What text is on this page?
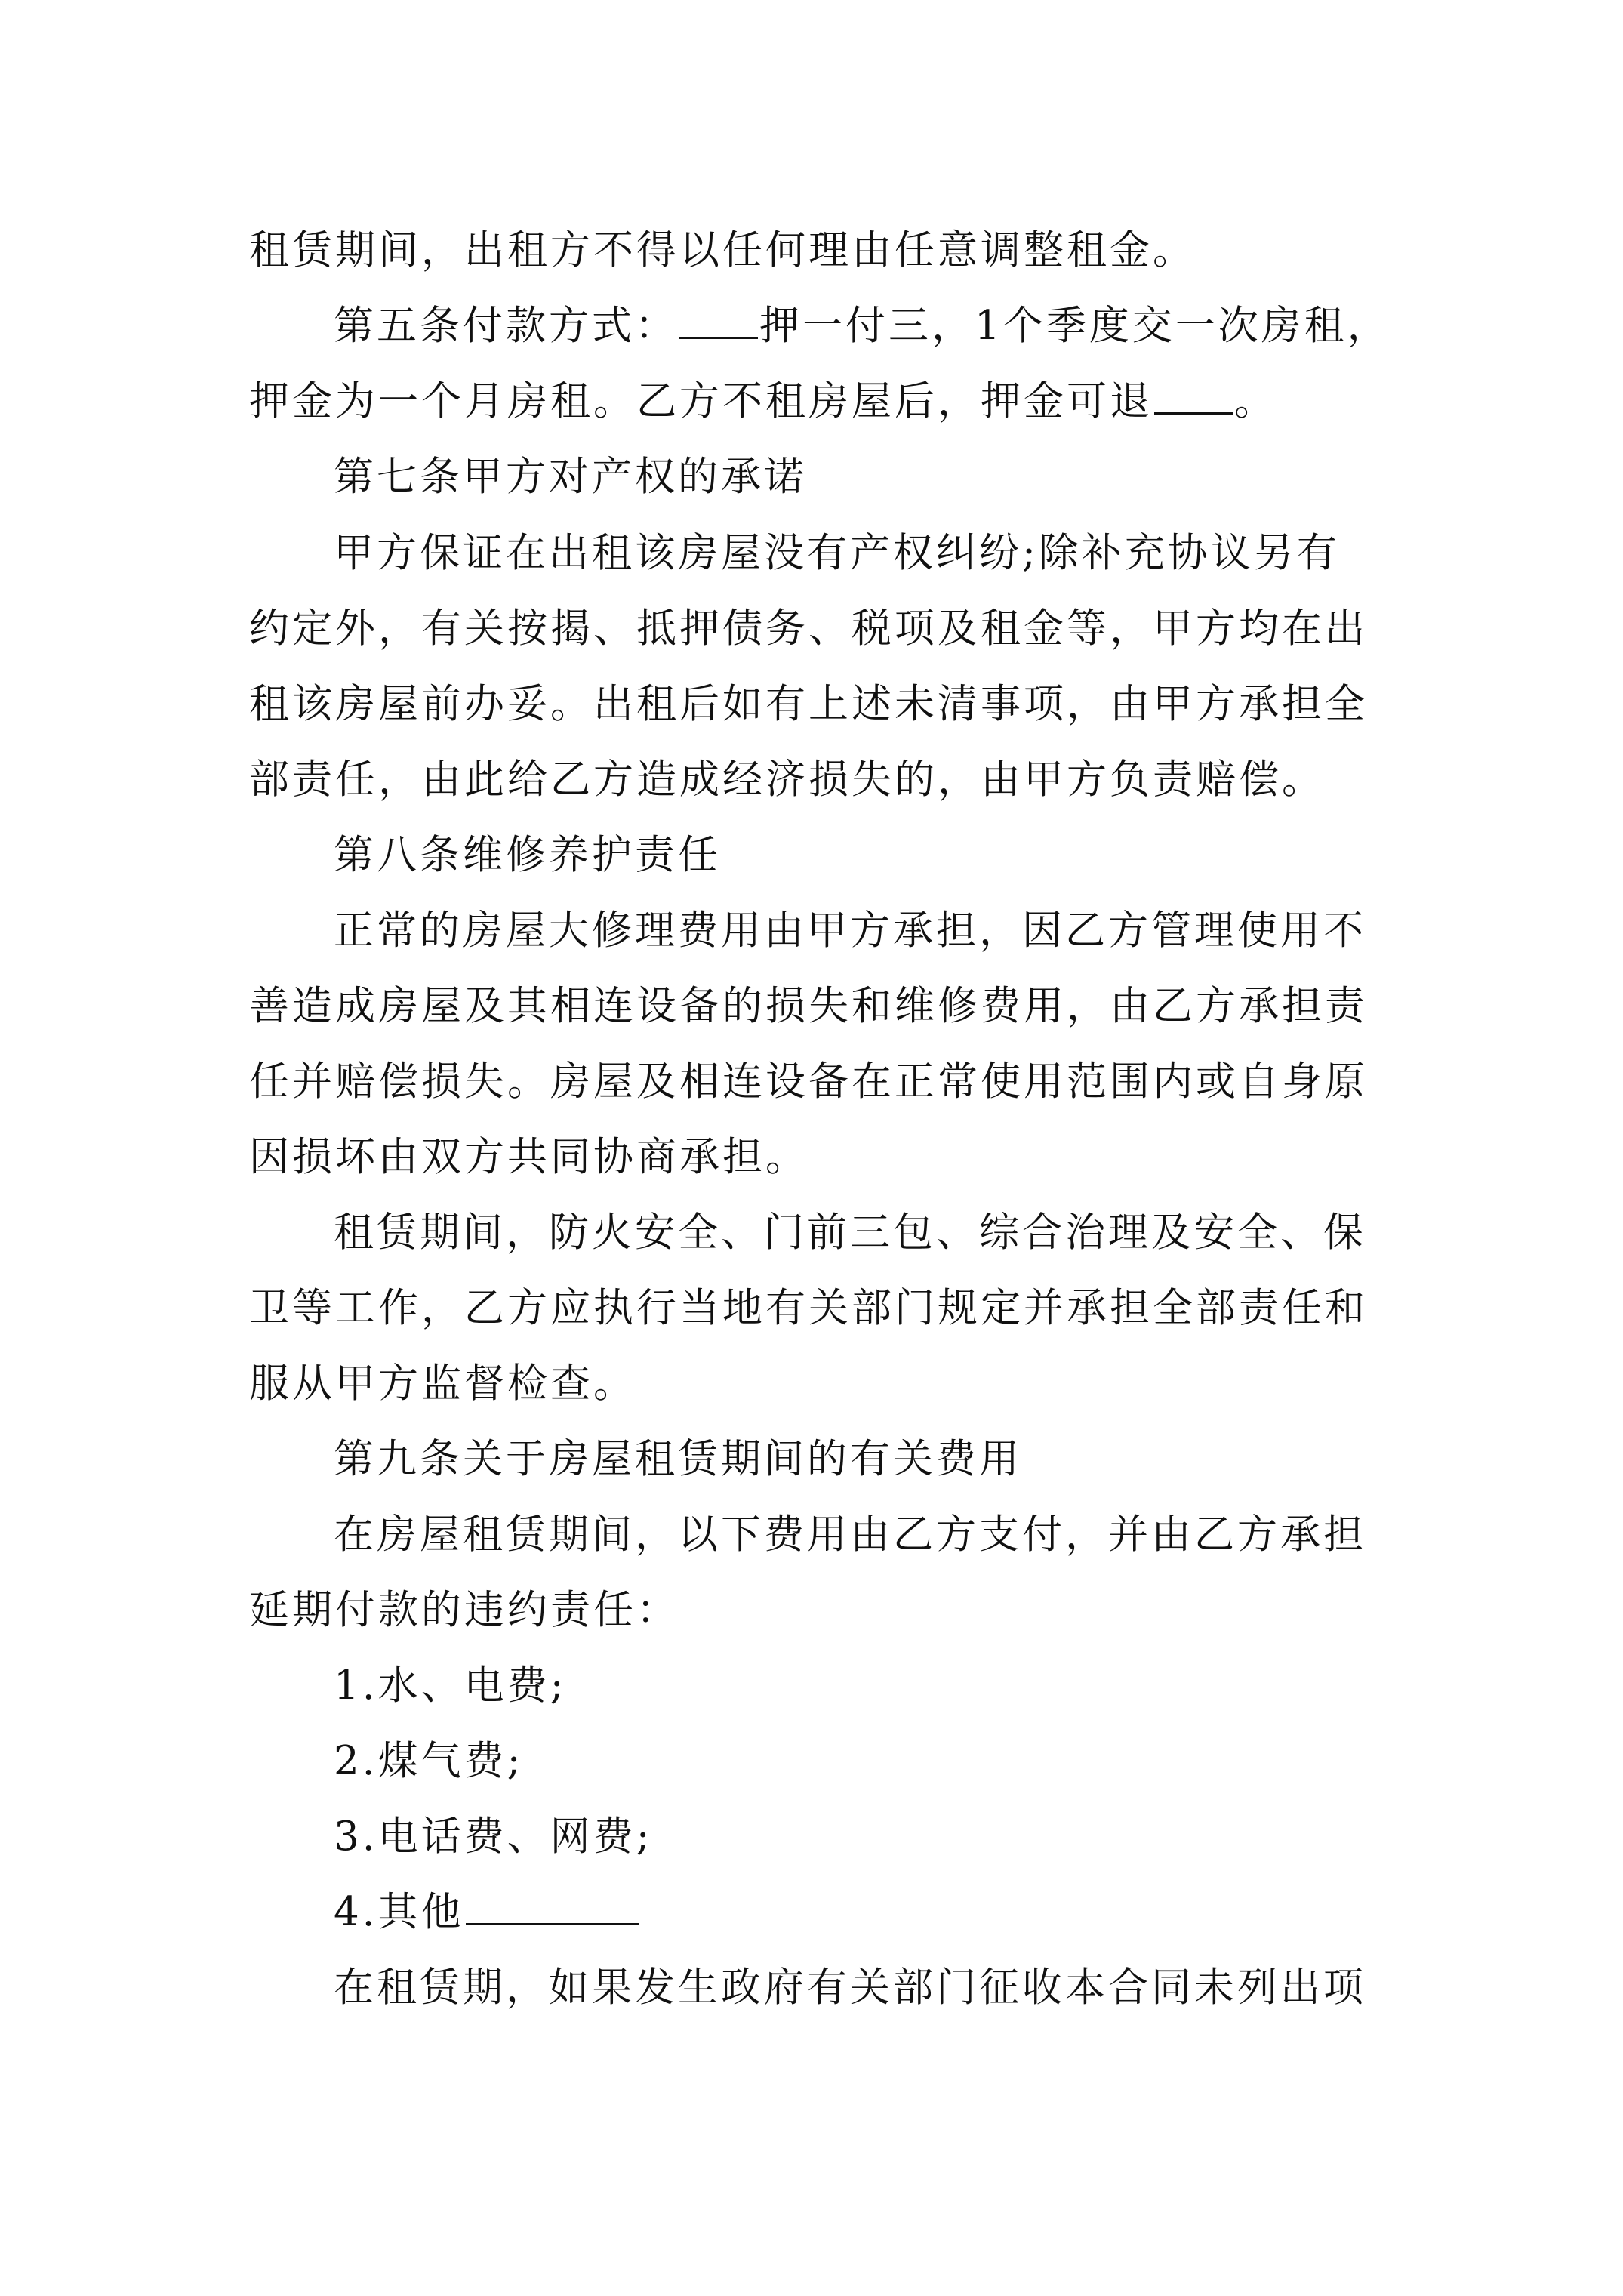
租赁期间，出租方不得以任何理由任意调整租金。
第五条付款方式： 押一付三，1个季度交一次房租，
押金为一个月房租。乙方不租房屋后，押金可退 。
第七条甲方对产权的承诺
甲方保证在出租该房屋没有产权纠纷;除补充协议另有
约定外，有关按揭、抵押债务、税项及租金等，甲方均在出
租该房屋前办妥。出租后如有上述未清事项，由甲方承担全
部责任，由此给乙方造成经济损失的，由甲方负责赔偿。
第八条维修养护责任
正常的房屋大修理费用由甲方承担，因乙方管理使用不
善造成房屋及其相连设备的损失和维修费用，由乙方承担责
任并赔偿损失。房屋及相连设备在正常使用范围内或自身原
因损坏由双方共同协商承担。
租赁期间，防火安全、门前三包、综合治理及安全、保
卫等工作，乙方应执行当地有关部门规定并承担全部责任和
服从甲方监督检查。
第九条关于房屋租赁期间的有关费用
在房屋租赁期间，以下费用由乙方支付，并由乙方承担
延期付款的违约责任：
1.水、电费;
2.煤气费;
3.电话费、网费;
4.其他
在租赁期，如果发生政府有关部门征收本合同未列出项
